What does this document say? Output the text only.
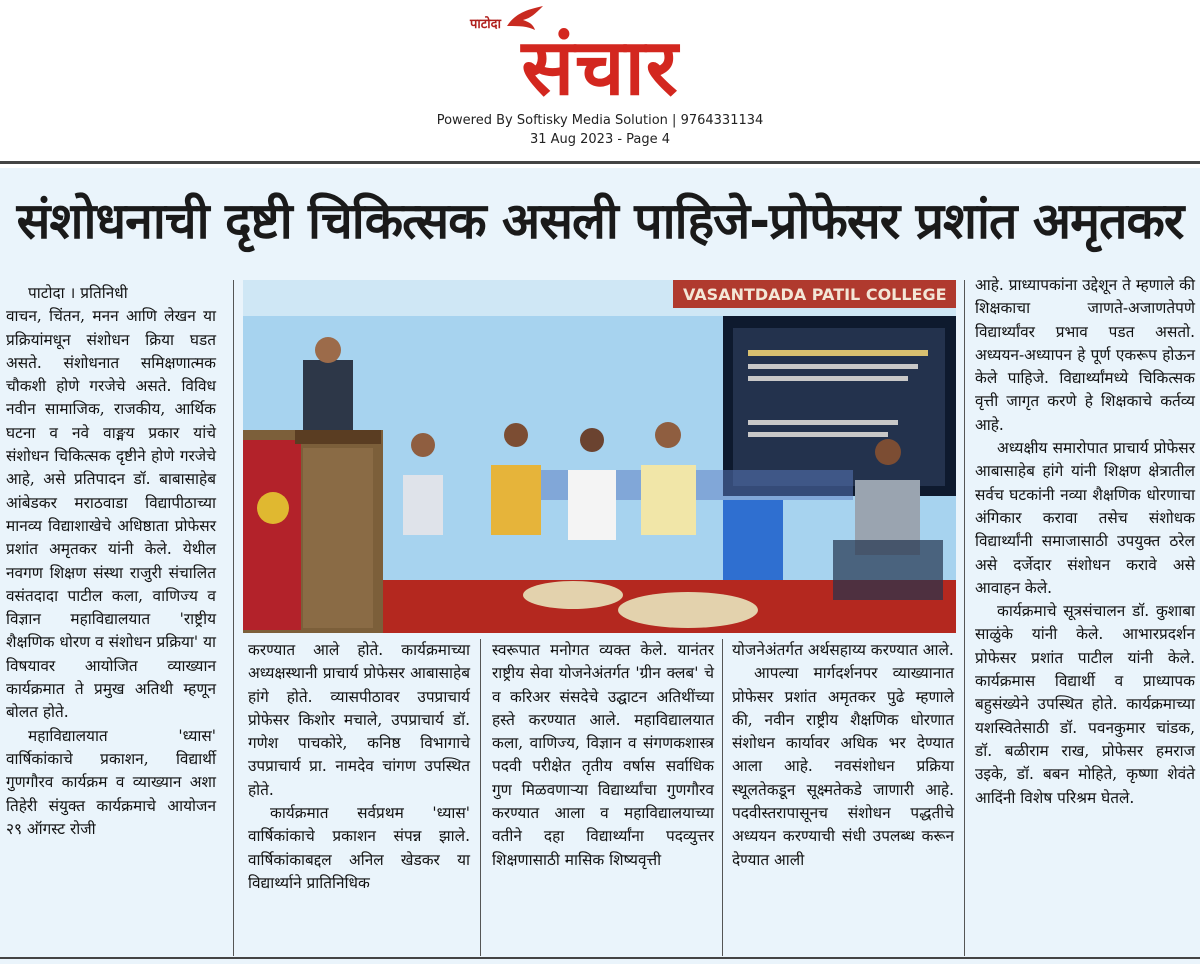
पाटोदा संचार
Powered By Softisky Media Solution | 9764331134
31 Aug 2023 - Page 4
संशोधनाची दृष्टी चिकित्सक असली पाहिजे-प्रोफेसर प्रशांत अमृतकर

पाटोदा । प्रतिनिधी

वाचन, चिंतन, मनन आणि लेखन या प्रक्रियांमधून संशोधन क्रिया घडत असते. संशोधनात समिक्षणात्मक चौकशी होणे गरजेचे असते. विविध नवीन सामाजिक, राजकीय, आर्थिक घटना व नवे वाङ्मय प्रकार यांचे संशोधन चिकित्सक दृष्टीने होणे गरजेचे आहे, असे प्रतिपादन डॉ. बाबासाहेब आंबेडकर मराठवाडा विद्यापीठाच्या मानव्य विद्याशाखेचे अधिष्ठाता प्रोफेसर प्रशांत अमृतकर यांनी केले. येथील नवगण शिक्षण संस्था राजुरी संचालित वसंतदादा पाटील कला, वाणिज्य व विज्ञान महाविद्यालयात 'राष्ट्रीय शैक्षणिक धोरण व संशोधन प्रक्रिया' या विषयावर आयोजित व्याख्यान कार्यक्रमात ते प्रमुख अतिथी म्हणून बोलत होते.

महाविद्यालयात 'ध्यास' वार्षिकांकाचे प्रकाशन, विद्यार्थी गुणगौरव कार्यक्रम व व्याख्यान अशा तिहेरी संयुक्त कार्यक्रमाचे आयोजन २९ ऑगस्ट रोजी

VASANTDADA PATIL COLLEGE

करण्यात आले होते. कार्यक्रमाच्या अध्यक्षस्थानी प्राचार्य प्रोफेसर आबासाहेब हांगे होते. व्यासपीठावर उपप्राचार्य प्रोफेसर किशोर मचाले, उपप्राचार्य डॉ. गणेश पाचकोरे, कनिष्ठ विभागाचे उपप्राचार्य प्रा. नामदेव चांगण उपस्थित होते.

कार्यक्रमात सर्वप्रथम 'ध्यास' वार्षिकांकाचे प्रकाशन संपन्न झाले. वार्षिकांकाबद्दल अनिल खेडकर या विद्यार्थ्याने प्रातिनिधिक

स्वरूपात मनोगत व्यक्त केले. यानंतर राष्ट्रीय सेवा योजनेअंतर्गत 'ग्रीन क्लब' चे व करिअर संसदेचे उद्घाटन अतिथींच्या हस्ते करण्यात आले. महाविद्यालयात कला, वाणिज्य, विज्ञान व संगणकशास्त्र पदवी परीक्षेत तृतीय वर्षास सर्वाधिक गुण मिळवणाऱ्या विद्यार्थ्यांचा गुणगौरव करण्यात आला व महाविद्यालयाच्या वतीने दहा विद्यार्थ्यांना पदव्युत्तर शिक्षणासाठी मासिक शिष्यवृत्ती

योजनेअंतर्गत अर्थसहाय्य करण्यात आले.

आपल्या मार्गदर्शनपर व्याख्यानात प्रोफेसर प्रशांत अमृतकर पुढे म्हणाले की, नवीन राष्ट्रीय शैक्षणिक धोरणात संशोधन कार्यावर अधिक भर देण्यात आला आहे. नवसंशोधन प्रक्रिया स्थूलतेकडून सूक्ष्मतेकडे जाणारी आहे. पदवीस्तरापासूनच संशोधन पद्धतीचे अध्ययन करण्याची संधी उपलब्ध करून देण्यात आली

आहे. प्राध्यापकांना उद्देशून ते म्हणाले की शिक्षकाचा जाणते-अजाणतेपणे विद्यार्थ्यांवर प्रभाव पडत असतो. अध्ययन-अध्यापन हे पूर्ण एकरूप होऊन केले पाहिजे. विद्यार्थ्यांमध्ये चिकित्सक वृत्ती जागृत करणे हे शिक्षकाचे कर्तव्य आहे.

अध्यक्षीय समारोपात प्राचार्य प्रोफेसर आबासाहेब हांगे यांनी शिक्षण क्षेत्रातील सर्वच घटकांनी नव्या शैक्षणिक धोरणाचा अंगिकार करावा तसेच संशोधक विद्यार्थ्यांनी समाजासाठी उपयुक्त ठरेल असे दर्जेदार संशोधन करावे असे आवाहन केले.

कार्यक्रमाचे सूत्रसंचालन डॉ. कुशाबा साळुंके यांनी केले. आभारप्रदर्शन प्रोफेसर प्रशांत पाटील यांनी केले. कार्यक्रमास विद्यार्थी व प्राध्यापक बहुसंख्येने उपस्थित होते. कार्यक्रमाच्या यशस्वितेसाठी डॉ. पवनकुमार चांडक, डॉ. बळीराम राख, प्रोफेसर हमराज उइके, डॉ. बबन मोहिते, कृष्णा शेवंते आदिंनी विशेष परिश्रम घेतले.
